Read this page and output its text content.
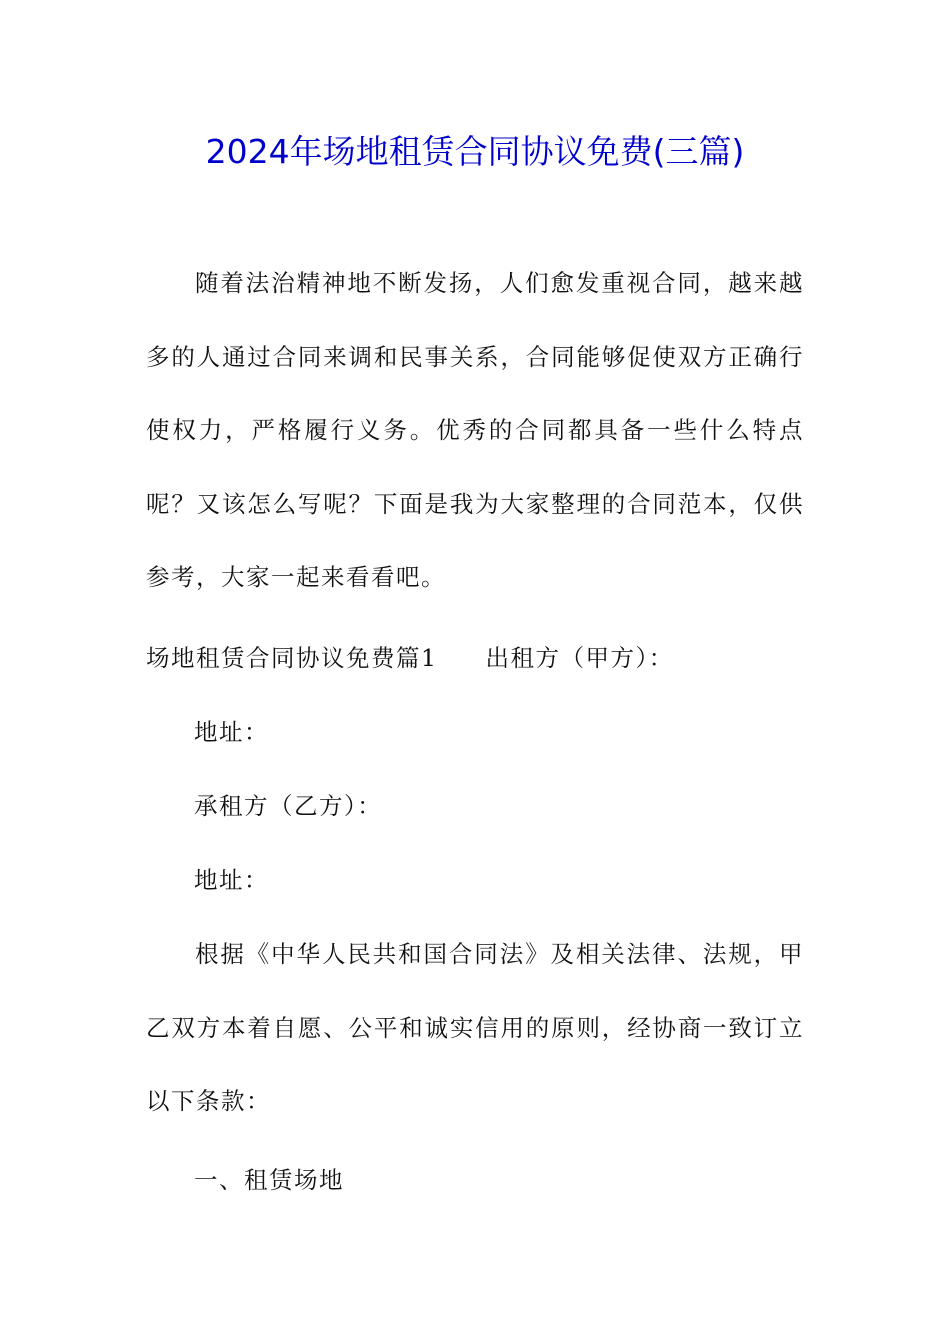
2024年场地租赁合同协议免费(三篇)

随着法治精神地不断发扬，人们愈发重视合同，越来越多的人通过合同来调和民事关系，合同能够促使双方正确行使权力，严格履行义务。优秀的合同都具备一些什么特点呢？又该怎么写呢？下面是我为大家整理的合同范本，仅供参考，大家一起来看看吧。

场地租赁合同协议免费篇1 出租方（甲方）：
地址：
承租方（乙方）：
地址：

根据《中华人民共和国合同法》及相关法律、法规，甲乙双方本着自愿、公平和诚实信用的原则，经协商一致订立以下条款：

一、租赁场地
